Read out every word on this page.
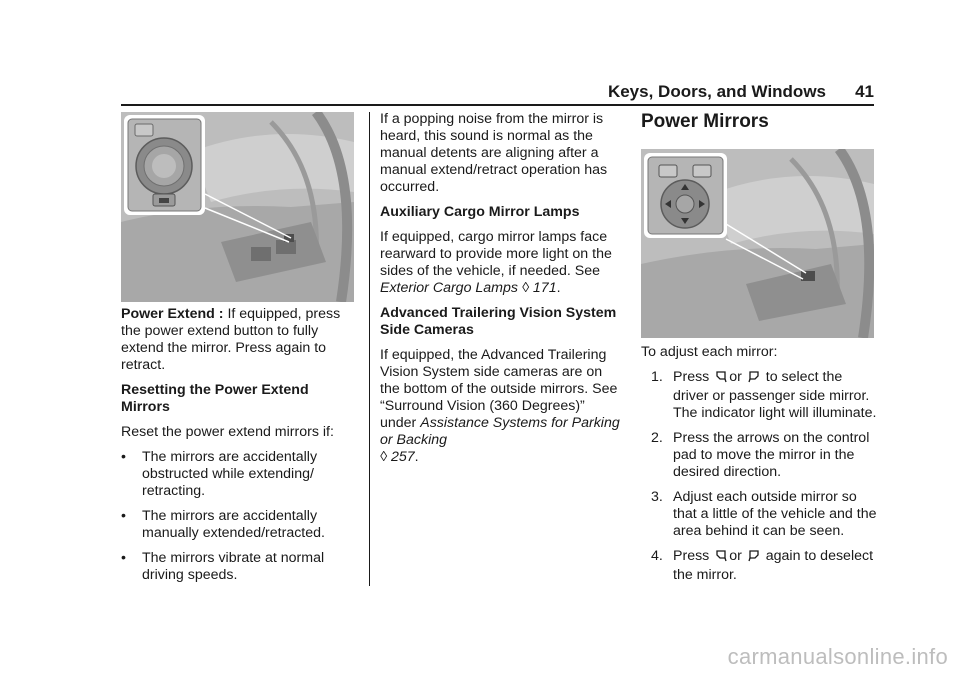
Keys, Doors, and Windows 41

Power Extend : If equipped, press the power extend button to fully extend the mirror. Press again to retract.

Resetting the Power Extend Mirrors

Reset the power extend mirrors if:

• The mirrors are accidentally obstructed while extending/ retracting.
• The mirrors are accidentally manually extended/retracted.
• The mirrors vibrate at normal driving speeds.

If a popping noise from the mirror is heard, this sound is normal as the manual detents are aligning after a manual extend/retract operation has occurred.

Auxiliary Cargo Mirror Lamps

If equipped, cargo mirror lamps face rearward to provide more light on the sides of the vehicle, if needed. See Exterior Cargo Lamps ◊ 171.

Advanced Trailering Vision System Side Cameras

If equipped, the Advanced Trailering Vision System side cameras are on the bottom of the outside mirrors. See “Surround Vision (360 Degrees)” under Assistance Systems for Parking or Backing
◊ 257.

Power Mirrors

To adjust each mirror:

1. Press or to select the driver or passenger side mirror. The indicator light will illuminate.
2. Press the arrows on the control pad to move the mirror in the desired direction.
3. Adjust each outside mirror so that a little of the vehicle and the area behind it can be seen.
4. Press or again to deselect the mirror.
carmanualsonline.info
